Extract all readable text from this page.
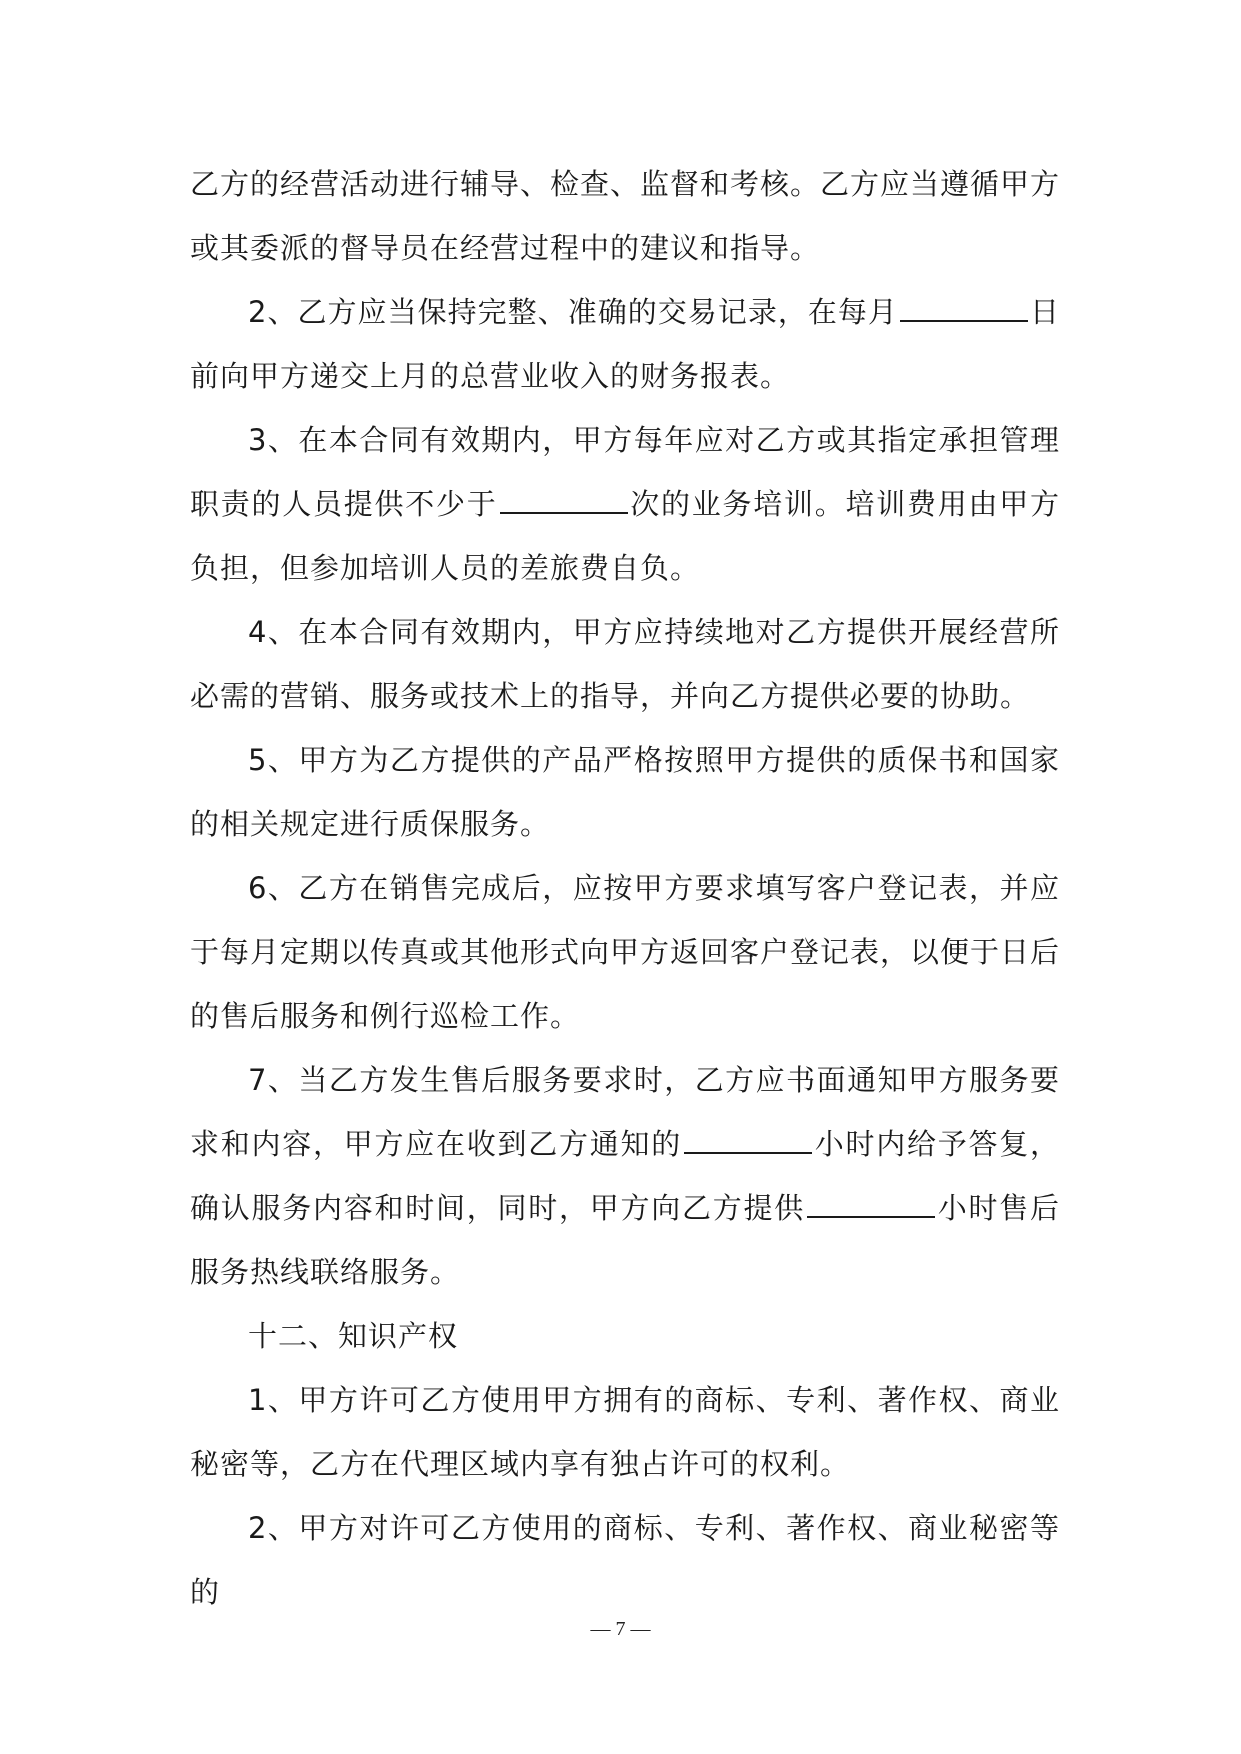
乙方的经营活动进行辅导、检查、监督和考核。乙方应当遵循甲方或其委派的督导员在经营过程中的建议和指导。

2、乙方应当保持完整、准确的交易记录，在每月	日前向甲方递交上月的总营业收入的财务报表。

3、在本合同有效期内，甲方每年应对乙方或其指定承担管理职责的人员提供不少于	次的业务培训。培训费用由甲方负担，但参加培训人员的差旅费自负。

4、在本合同有效期内，甲方应持续地对乙方提供开展经营所必需的营销、服务或技术上的指导，并向乙方提供必要的协助。

5、甲方为乙方提供的产品严格按照甲方提供的质保书和国家的相关规定进行质保服务。

6、乙方在销售完成后，应按甲方要求填写客户登记表，并应于每月定期以传真或其他形式向甲方返回客户登记表，以便于日后的售后服务和例行巡检工作。

7、当乙方发生售后服务要求时，乙方应书面通知甲方服务要求和内容，甲方应在收到乙方通知的	小时内给予答复，确认服务内容和时间，同时，甲方向乙方提供	小时售后服务热线联络服务。

十二、知识产权

1、甲方许可乙方使用甲方拥有的商标、专利、著作权、商业秘密等，乙方在代理区域内享有独占许可的权利。

2、甲方对许可乙方使用的商标、专利、著作权、商业秘密等的

— 7 —
